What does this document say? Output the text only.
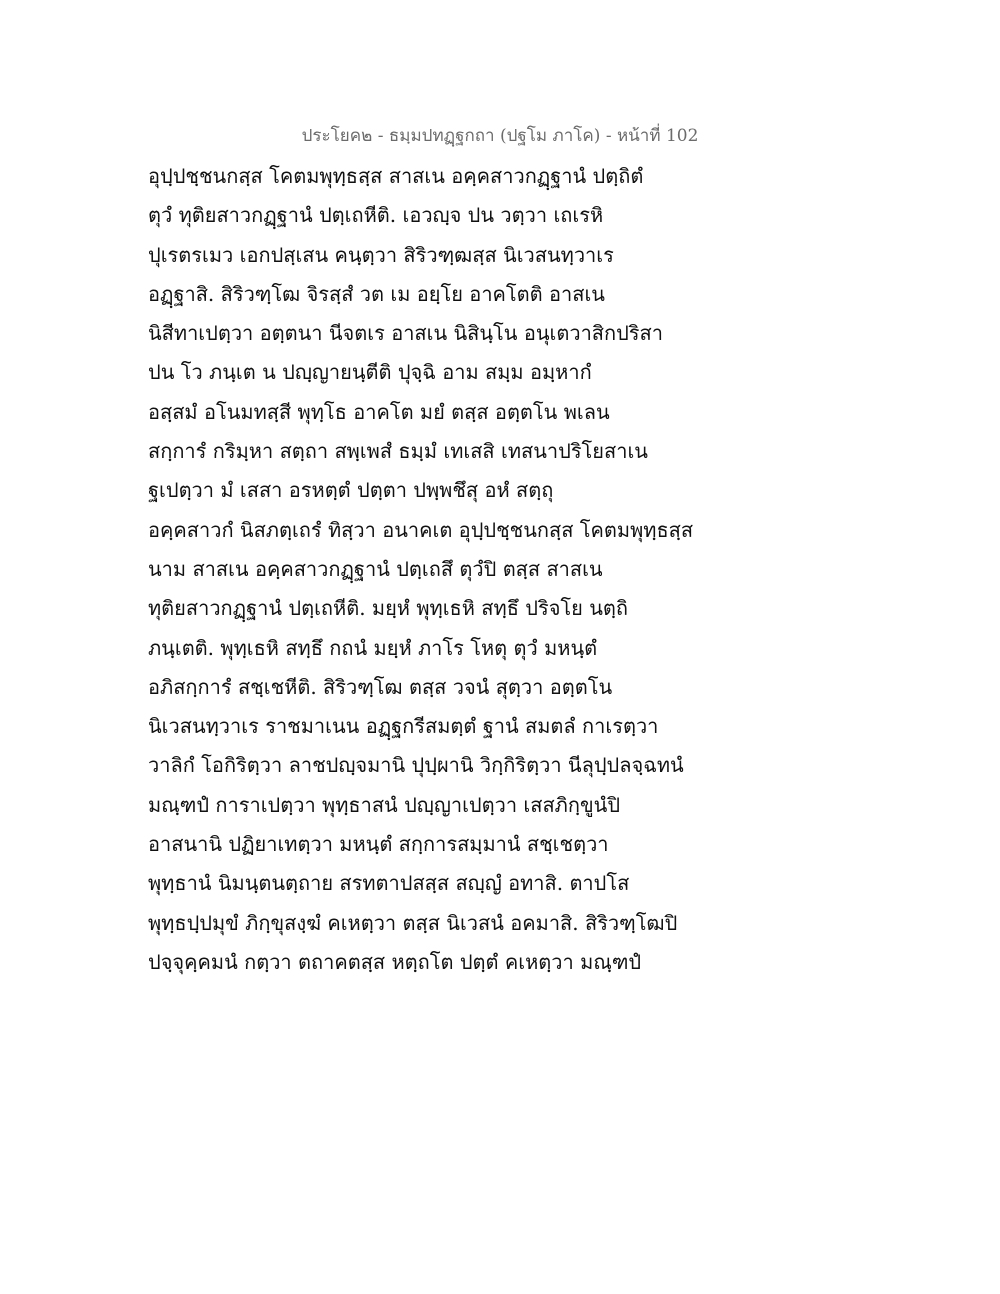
ประโยค๒ - ธมฺมปทฏฺฐกถา (ปฐโม ภาโค) - หน้าที่ 102
อุปฺปชฺชนกสฺส โคตมพุทฺธสฺส สาสเน อคฺคสาวกฏฺฐานํ ปตฺถิตํ
ตุวํ ทุติยสาวกฏฺฐานํ ปตฺเถหีติ. เอวญฺจ ปน วตฺวา เถเรหิ
ปุเรตรเมว เอกปสฺเสน คนฺตฺวา สิริวฑฺฒสฺส นิเวสนทฺวาเร
อฏฺฐาสิ. สิริวฑฺโฒ จิรสฺสํ วต เม อยฺโย อาคโตติ อาสเน
นิสีทาเปตฺวา อตฺตนา นีจตเร อาสเน นิสินฺโน อนุเตวาสิกปริสา
ปน โว ภนฺเต น ปญฺญายนฺตีติ ปุจฺฉิ อาม สมฺม อมฺหากํ
อสฺสมํ อโนมทสฺสี พุทฺโธ อาคโต มยํ ตสฺส อตฺตโน พเลน
สกฺการํ กริมฺหา สตฺถา สพฺเพสํ ธมฺมํ เทเสสิ เทสนาปริโยสาเน
ฐเปตฺวา มํ เสสา อรหตฺตํ ปตฺตา ปพฺพชึสุ อหํ สตฺถุ
อคฺคสาวกํ นิสภตฺเถรํ ทิสฺวา อนาคเต อุปฺปชฺชนกสฺส โคตมพุทฺธสฺส
นาม สาสเน อคฺคสาวกฏฺฐานํ ปตฺเถสึ ตุวํปิ ตสฺส สาสเน
ทุติยสาวกฏฺฐานํ ปตฺเถหีติ. มยฺหํ พุทฺเธหิ สทฺธึ ปริจโย นตฺถิ
ภนฺเตติ. พุทฺเธหิ สทฺธึ กถนํ มยฺหํ ภาโร โหตุ ตุวํ มหนฺตํ
อภิสกฺการํ สชฺเชหีติ. สิริวฑฺโฒ ตสฺส วจนํ สุตฺวา อตฺตโน
นิเวสนทฺวาเร ราชมาเนน อฏฺฐกรีสมตฺตํ ฐานํ สมตลํ กาเรตฺวา
วาลิกํ โอกิริตฺวา ลาชปญฺจมานิ ปุปฺผานิ วิกฺกิริตฺวา นีลุปฺปลจฺฉทนํ
มณฺฑปํ การาเปตฺวา พุทฺธาสนํ ปญฺญาเปตฺวา เสสภิกฺขูนํปิ
อาสนานิ ปฏิยาเทตฺวา มหนฺตํ สกฺการสมฺมานํ สชฺเชตฺวา
พุทฺธานํ นิมนฺตนตฺถาย สรทตาปสสฺส สญฺญํ อทาสิ. ตาปโส
พุทฺธปฺปมุขํ ภิกฺขุสงฺฆํ คเหตฺวา ตสฺส นิเวสนํ อคมาสิ. สิริวฑฺโฒปิ
ปจฺจุคฺคมนํ กตฺวา ตถาคตสฺส หตฺถโต ปตฺตํ คเหตฺวา มณฺฑปํ
